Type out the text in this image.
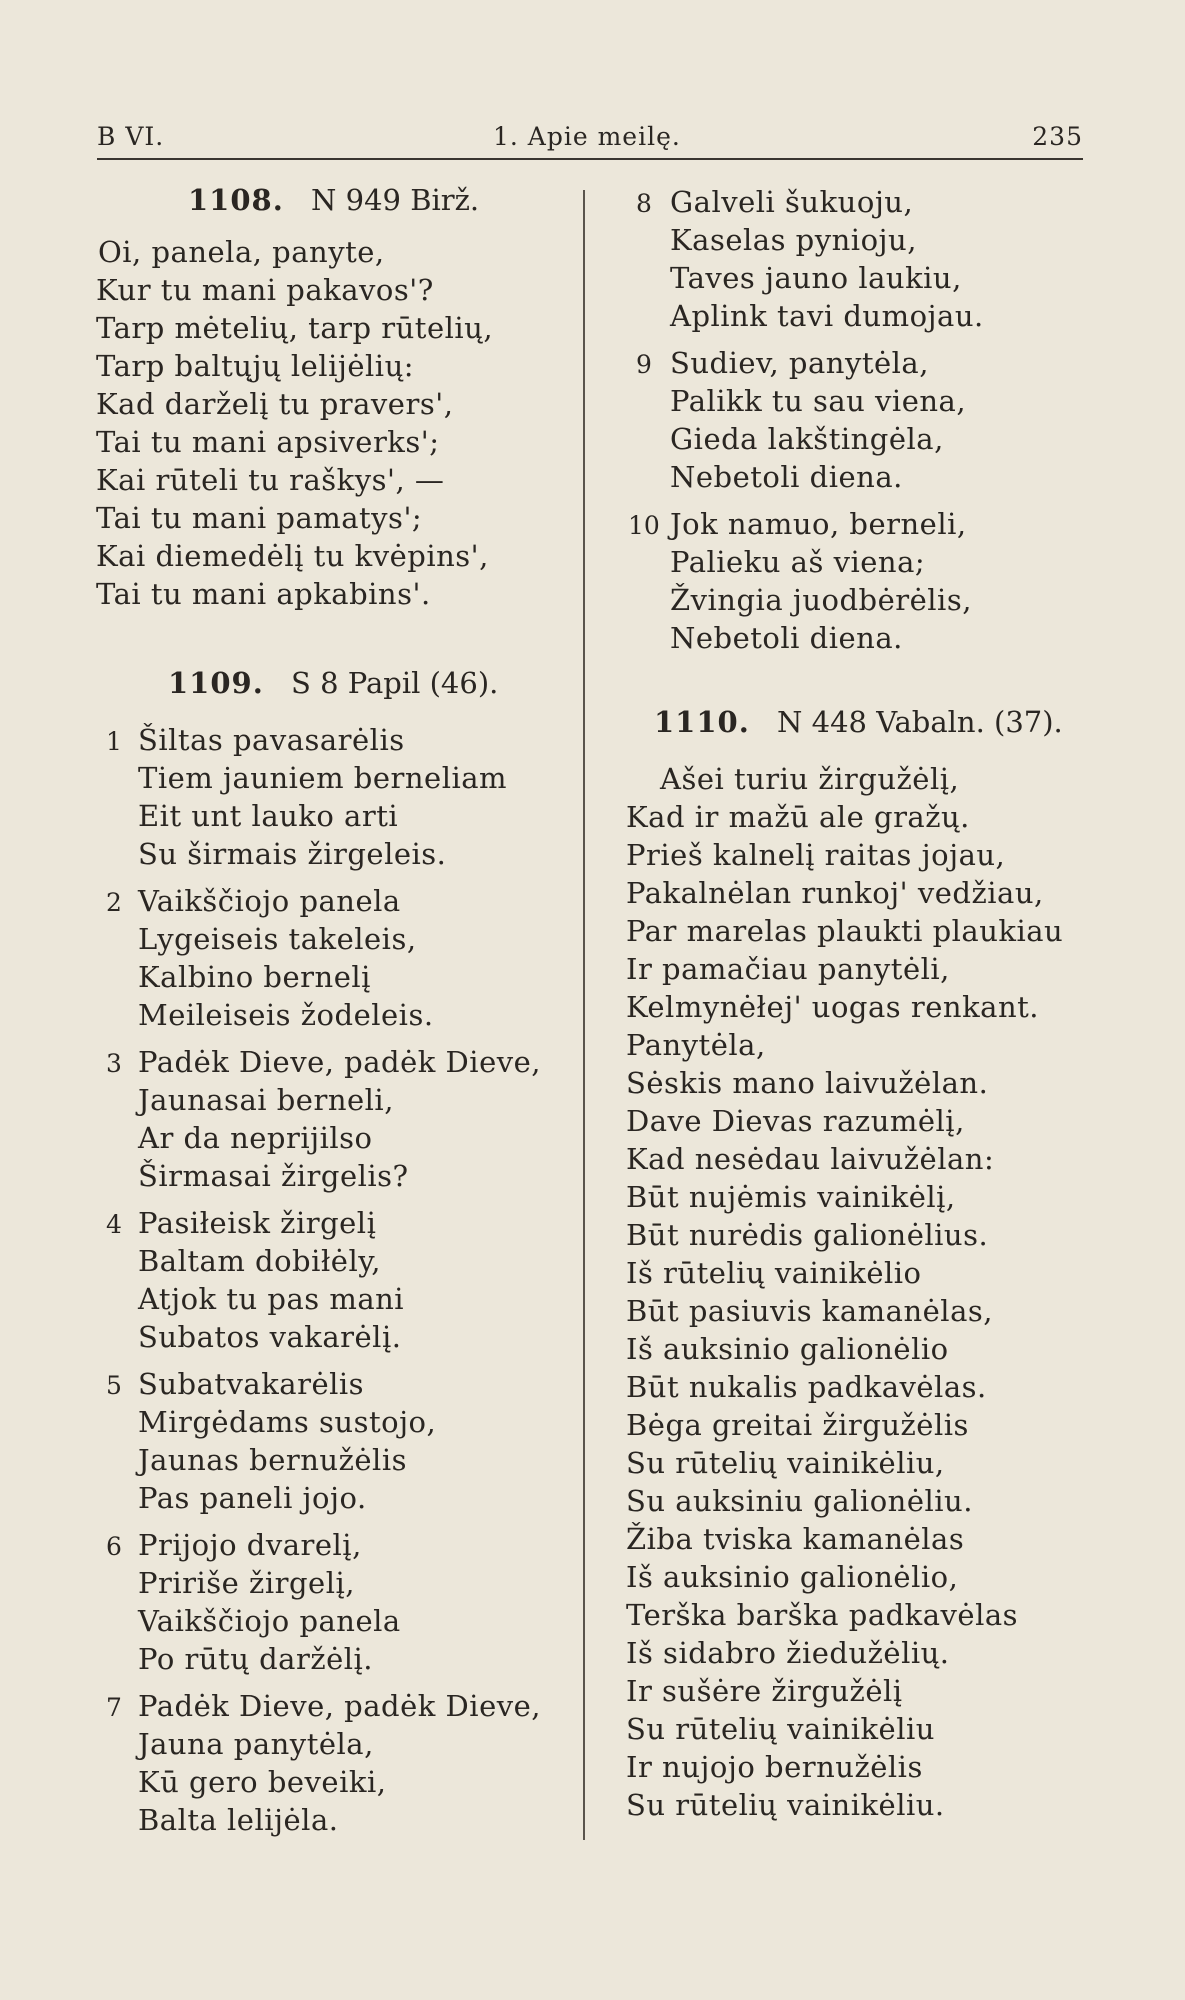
B VI.	1. Apie meilę.	235
1108. N 949 Birž.
Oi, panela, panyte,
Kur tu mani pakavos'?
Tarp mėtelių, tarp rūtelių,
Tarp baltųjų lelijėlių:
Kad darželį tu pravers',
Tai tu mani apsiverks';
Kai rūteli tu raškys', —
Tai tu mani pamatys';
Kai diemedėlį tu kvėpins',
Tai tu mani apkabins'.
1109. S 8 Papil (46).
1 Šiltas pavasarėlis
Tiem jauniem berneliam
Eit unt lauko arti
Su širmais žirgeleis.
2 Vaikščiojo panela
Lygeiseis takeleis,
Kalbino bernelį
Meileiseis žodeleis.
3 Padėk Dieve, padėk Dieve,
Jaunasai berneli,
Ar da neprijilso
Širmasai žirgelis?
4 Pasiłeisk žirgelį
Baltam dobiłėly,
Atjok tu pas mani
Subatos vakarėlį.
5 Subatvakarėlis
Mirgėdams sustojo,
Jaunas bernužėlis
Pas paneli jojo.
6 Prijojo dvarelį,
Pririše žirgelį,
Vaikščiojo panela
Po rūtų daržėlį.
7 Padėk Dieve, padėk Dieve,
Jauna panytėla,
Kū gero beveiki,
Balta lelijėla.
8 Galveli šukuoju,
Kaselas pynioju,
Taves jauno laukiu,
Aplink tavi dumojau.
9 Sudiev, panytėla,
Palikk tu sau viena,
Gieda lakštingėla,
Nebetoli diena.
10 Jok namuo, berneli,
Palieku aš viena;
Žvingia juodbėrėlis,
Nebetoli diena.
1110. N 448 Vabaln. (37).
Ašei turiu žirgužėlį,
Kad ir mažū ale gražų.
Prieš kalnelį raitas jojau,
Pakalnėlan runkoj' vedžiau,
Par marelas plaukti plaukiau
Ir pamačiau panytėli,
Kelmynėłej' uogas renkant.
Panytėla,
Sėskis mano laivužėlan.
Dave Dievas razumėlį,
Kad nesėdau laivužėlan:
Būt nujėmis vainikėlį,
Būt nurėdis galionėlius.
Iš rūtelių vainikėlio
Būt pasiuvis kamanėlas,
Iš auksinio galionėlio
Būt nukalis padkavėlas.
Bėga greitai žirgužėlis
Su rūtelių vainikėliu,
Su auksiniu galionėliu.
Žiba tviska kamanėlas
Iš auksinio galionėlio,
Terška barška padkavėlas
Iš sidabro žiedužėlių.
Ir sušėre žirgužėlį
Su rūtelių vainikėliu
Ir nujojo bernužėlis
Su rūtelių vainikėliu.
